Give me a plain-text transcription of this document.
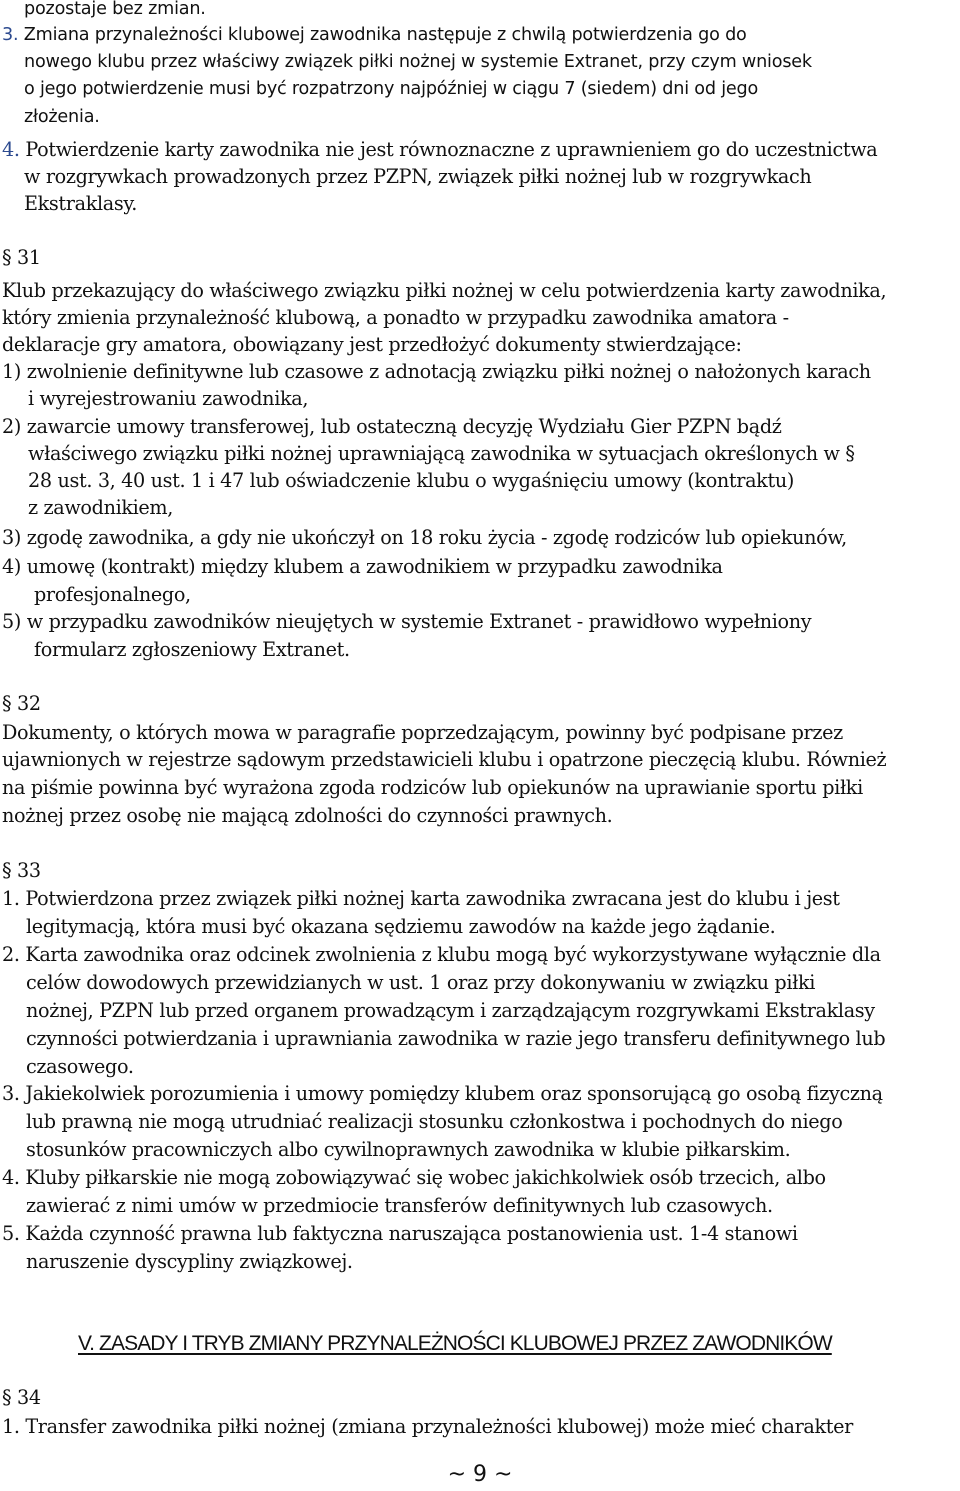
pozostaje bez zmian.
3. Zmiana przynależności klubowej zawodnika następuje z chwilą potwierdzenia go do
nowego klubu przez właściwy związek piłki nożnej w systemie Extranet, przy czym wniosek
o jego potwierdzenie musi być rozpatrzony najpóźniej w ciągu 7 (siedem) dni od jego
złożenia.
4. Potwierdzenie karty zawodnika nie jest równoznaczne z uprawnieniem go do uczestnictwa
w rozgrywkach prowadzonych przez PZPN, związek piłki nożnej lub w rozgrywkach
Ekstraklasy.
§ 31
Klub przekazujący do właściwego związku piłki nożnej w celu potwierdzenia karty zawodnika,
który zmienia przynależność klubową, a ponadto w przypadku zawodnika amatora -
deklaracje gry amatora, obowiązany jest przedłożyć dokumenty stwierdzające:
1) zwolnienie definitywne lub czasowe z adnotacją związku piłki nożnej o nałożonych karach
i wyrejestrowaniu zawodnika,
2) zawarcie umowy transferowej, lub ostateczną decyzję Wydziału Gier PZPN bądź
właściwego związku piłki nożnej uprawniającą zawodnika w sytuacjach określonych w §
28 ust. 3, 40 ust. 1 i 47 lub oświadczenie klubu o wygaśnięciu umowy (kontraktu)
z zawodnikiem,
3) zgodę zawodnika, a gdy nie ukończył on 18 roku życia - zgodę rodziców lub opiekunów,
4) umowę (kontrakt) między klubem a zawodnikiem w przypadku zawodnika
profesjonalnego,
5) w przypadku zawodników nieujętych w systemie Extranet - prawidłowo wypełniony
formularz zgłoszeniowy Extranet.
§ 32
Dokumenty, o których mowa w paragrafie poprzedzającym, powinny być podpisane przez
ujawnionych w rejestrze sądowym przedstawicieli klubu i opatrzone pieczęcią klubu. Również
na piśmie powinna być wyrażona zgoda rodziców lub opiekunów na uprawianie sportu piłki
nożnej przez osobę nie mającą zdolności do czynności prawnych.
§ 33
1. Potwierdzona przez związek piłki nożnej karta zawodnika zwracana jest do klubu i jest
legitymacją, która musi być okazana sędziemu zawodów na każde jego żądanie.
2. Karta zawodnika oraz odcinek zwolnienia z klubu mogą być wykorzystywane wyłącznie dla
celów dowodowych przewidzianych w ust. 1 oraz przy dokonywaniu w związku piłki
nożnej, PZPN lub przed organem prowadzącym i zarządzającym rozgrywkami Ekstraklasy
czynności potwierdzania i uprawniania zawodnika w razie jego transferu definitywnego lub
czasowego.
3. Jakiekolwiek porozumienia i umowy pomiędzy klubem oraz sponsorującą go osobą fizyczną
lub prawną nie mogą utrudniać realizacji stosunku członkostwa i pochodnych do niego
stosunków pracowniczych albo cywilnoprawnych zawodnika w klubie piłkarskim.
4. Kluby piłkarskie nie mogą zobowiązywać się wobec jakichkolwiek osób trzecich, albo
zawierać z nimi umów w przedmiocie transferów definitywnych lub czasowych.
5. Każda czynność prawna lub faktyczna naruszająca postanowienia ust. 1-4 stanowi
naruszenie dyscypliny związkowej.
V. ZASADY I TRYB ZMIANY PRZYNALEŻNOŚCI KLUBOWEJ PRZEZ ZAWODNIKÓW
§ 34
1. Transfer zawodnika piłki nożnej (zmiana przynależności klubowej) może mieć charakter
~ 9 ~
